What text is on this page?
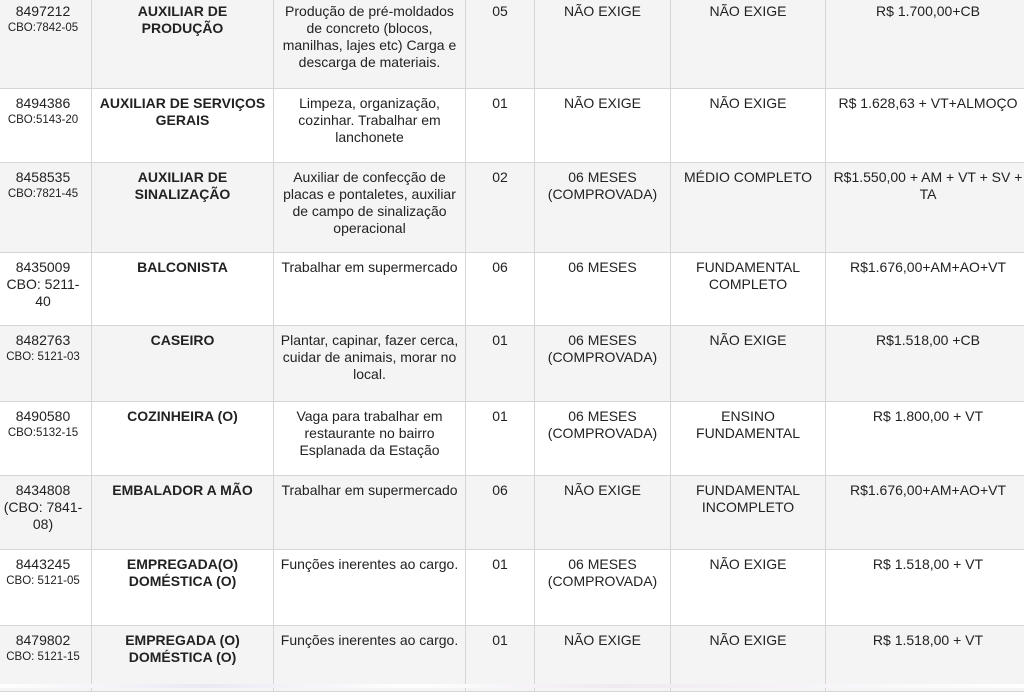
8497212
CBO:7842-05	AUXILIAR DE PRODUÇÃO	Produção de pré-moldados de concreto (blocos, manilhas, lajes etc) Carga e descarga de materiais.	05	NÃO EXIGE	NÃO EXIGE	R$ 1.700,00+CB

8494386
CBO:5143-20	AUXILIAR DE SERVIÇOS GERAIS	Limpeza, organização, cozinhar. Trabalhar em lanchonete	01	NÃO EXIGE	NÃO EXIGE	R$ 1.628,63 + VT+ALMOÇO

8458535
CBO:7821-45	AUXILIAR DE SINALIZAÇÃO	Auxiliar de confecção de placas e pontaletes, auxiliar de campo de sinalização operacional	02	06 MESES (COMPROVADA)	MÉDIO COMPLETO	R$1.550,00 + AM + VT + SV + TA

8435009
CBO: 5211-40	BALCONISTA	Trabalhar em supermercado	06	06 MESES	FUNDAMENTAL COMPLETO	R$1.676,00+AM+AO+VT

8482763
CBO: 5121-03	CASEIRO	Plantar, capinar, fazer cerca, cuidar de animais, morar no local.	01	06 MESES (COMPROVADA)	NÃO EXIGE	R$1.518,00 +CB

8490580
CBO:5132-15	COZINHEIRA (O)	Vaga para trabalhar em restaurante no bairro Esplanada da Estação	01	06 MESES (COMPROVADA)	ENSINO FUNDAMENTAL	R$ 1.800,00 + VT

8434808
(CBO: 7841-08)	EMBALADOR A MÃO	Trabalhar em supermercado	06	NÃO EXIGE	FUNDAMENTAL INCOMPLETO	R$1.676,00+AM+AO+VT

8443245
CBO: 5121-05	EMPREGADA(O) DOMÉSTICA (O)	Funções inerentes ao cargo.	01	06 MESES (COMPROVADA)	NÃO EXIGE	R$ 1.518,00 + VT

8479802
CBO: 5121-15	EMPREGADA (O) DOMÉSTICA (O)	Funções inerentes ao cargo.	01	NÃO EXIGE	NÃO EXIGE	R$ 1.518,00 + VT
